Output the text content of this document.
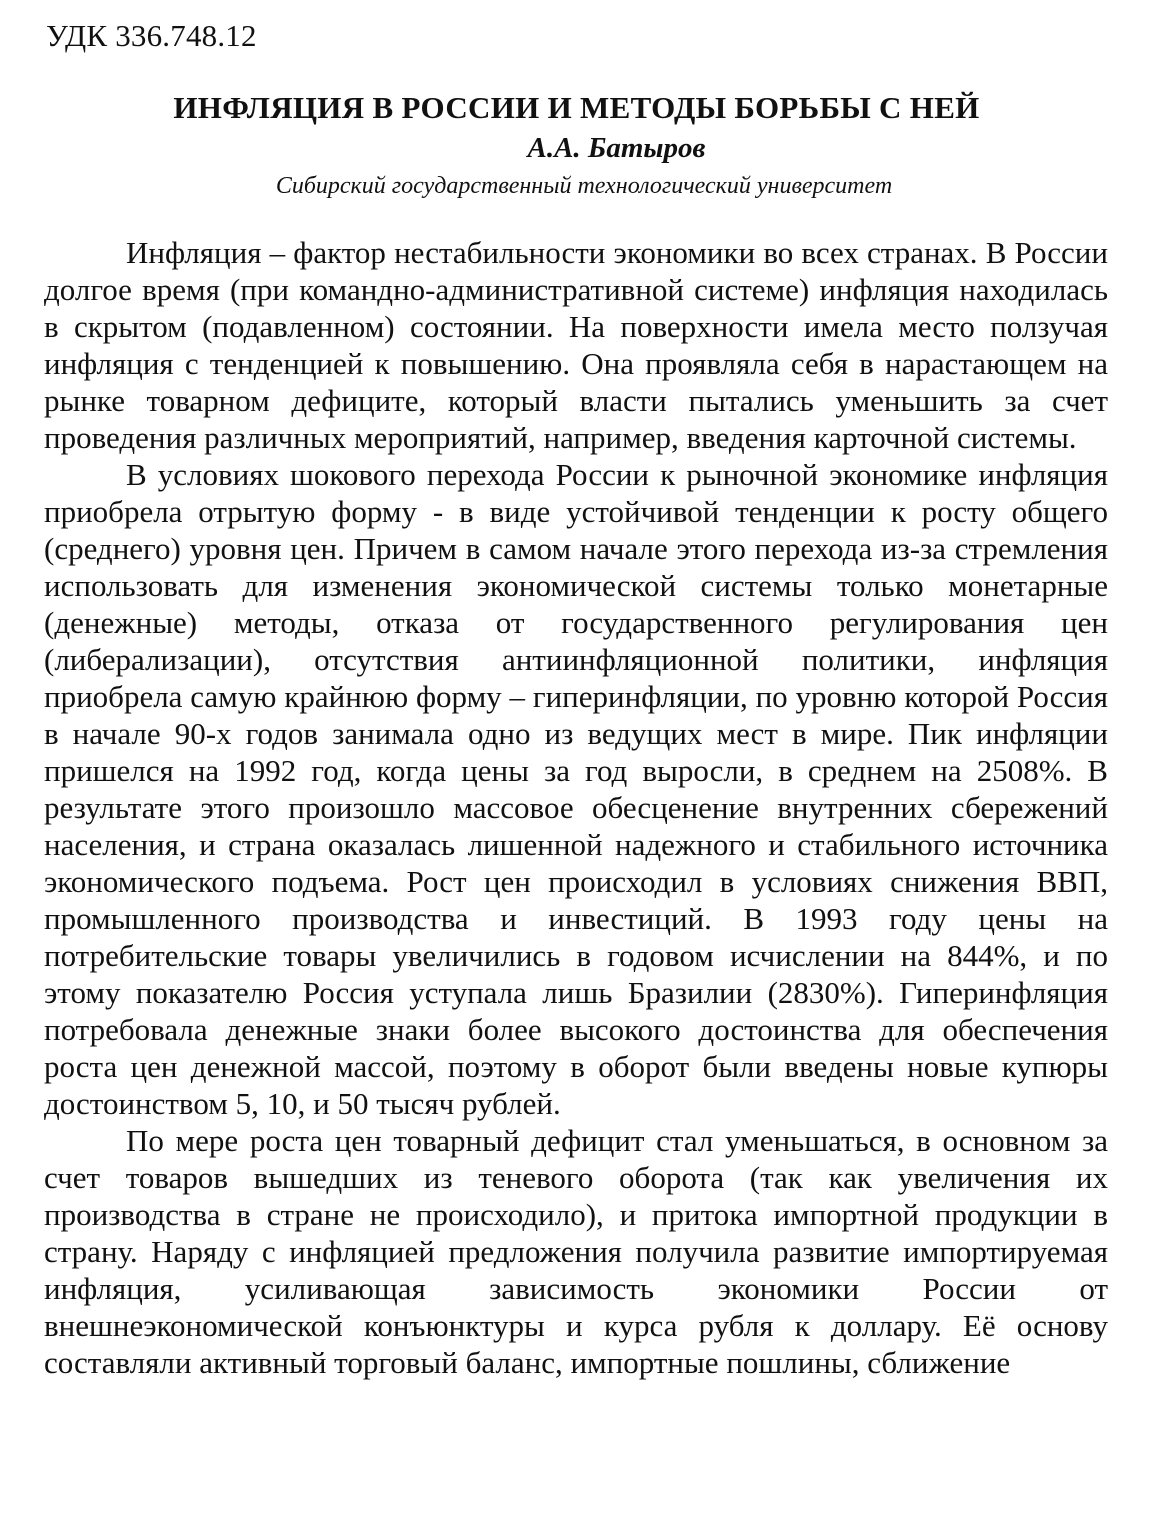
УДК 336.748.12
ИНФЛЯЦИЯ В РОССИИ И МЕТОДЫ БОРЬБЫ С НЕЙ
А.А. Батыров
Сибирский государственный технологический университет

Инфляция – фактор нестабильности экономики во всех странах. В России долгое время (при командно-административной системе) инфляция находилась в скрытом (подавленном) состоянии. На поверхности имела место ползучая инфляция с тенденцией к повышению. Она проявляла себя в нарастающем на рынке товарном дефиците, который власти пытались уменьшить за счет проведения различных мероприятий, например, введения карточной системы.

В условиях шокового перехода России к рыночной экономике инфляция приобрела отрытую форму - в виде устойчивой тенденции к росту общего (среднего) уровня цен. Причем в самом начале этого перехода из-за стремления использовать для изменения экономической системы только монетарные (денежные) методы, отказа от государственного регулирования цен (либерализации), отсутствия антиинфляционной политики, инфляция приобрела самую крайнюю форму – гиперинфляции, по уровню которой Россия в начале 90-х годов занимала одно из ведущих мест в мире. Пик инфляции пришелся на 1992 год, когда цены за год выросли, в среднем на 2508%. В результате этого произошло массовое обесценение внутренних сбережений населения, и страна оказалась лишенной надежного и стабильного источника экономического подъема. Рост цен происходил в условиях снижения ВВП, промышленного производства и инвестиций. В 1993 году цены на потребительские товары увеличились в годовом исчислении на 844%, и по этому показателю Россия уступала лишь Бразилии (2830%). Гиперинфляция потребовала денежные знаки более высокого достоинства для обеспечения роста цен денежной массой, поэтому в оборот были введены новые купюры достоинством 5, 10, и 50 тысяч рублей.

По мере роста цен товарный дефицит стал уменьшаться, в основном за счет товаров вышедших из теневого оборота (так как увеличения их производства в стране не происходило), и притока импортной продукции в страну. Наряду с инфляцией предложения получила развитие импортируемая инфляция, усиливающая зависимость экономики России от внешнеэкономической конъюнктуры и курса рубля к доллару. Её основу составляли активный торговый баланс, импортные пошлины, сближение
